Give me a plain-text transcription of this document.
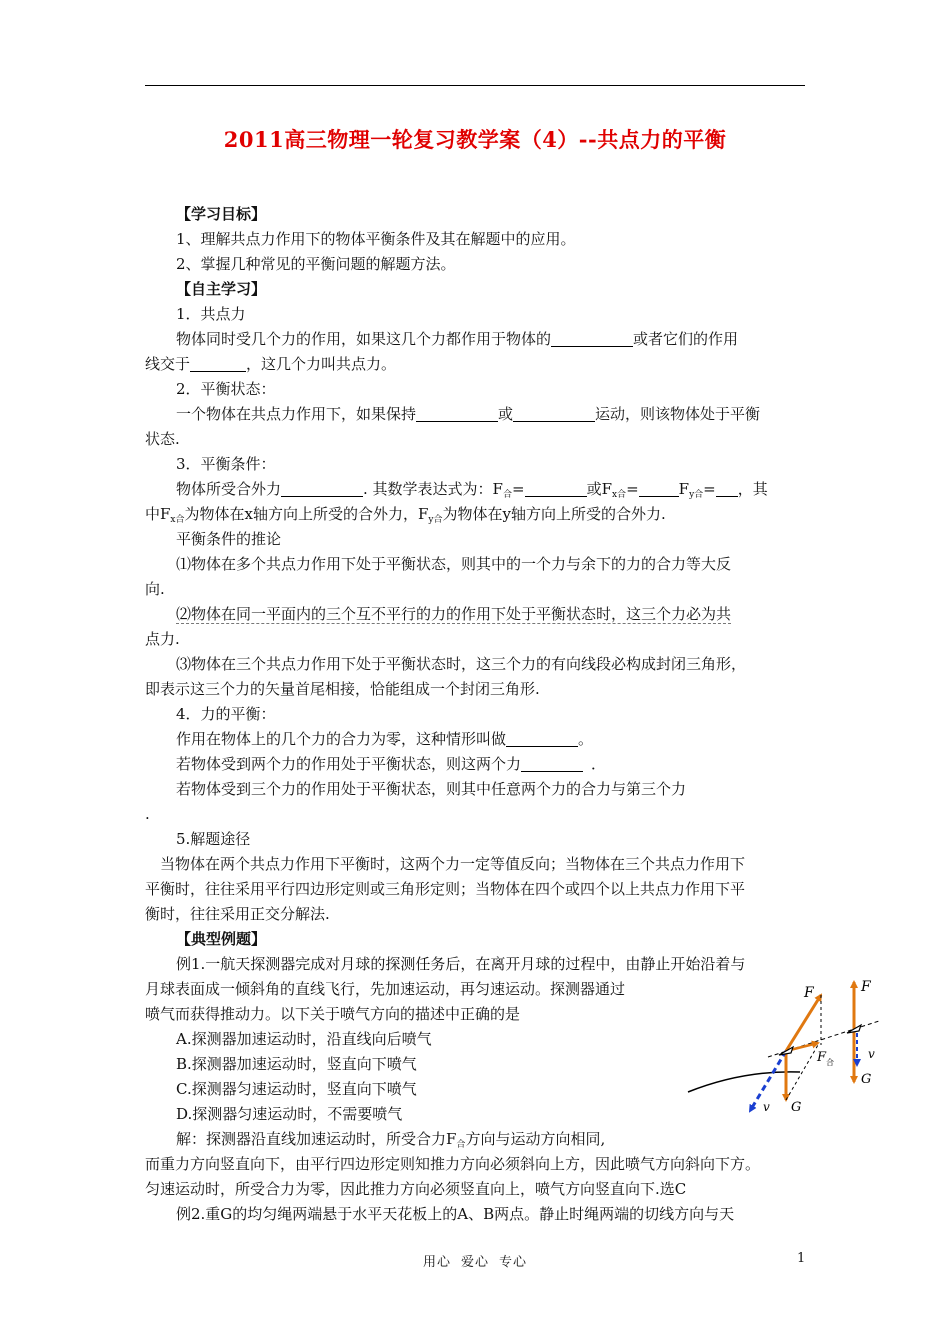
2011高三物理一轮复习教学案（4）--共点力的平衡
【学习目标】
1、理解共点力作用下的物体平衡条件及其在解题中的应用。
2、掌握几种常见的平衡问题的解题方法。
【自主学习】
1．共点力
物体同时受几个力的作用，如果这几个力都作用于物体的	或者它们的作用
线交于	，这几个力叫共点力。
2．平衡状态：
一个物体在共点力作用下，如果保持	或	运动，则该物体处于平衡
状态.
3．平衡条件：
物体所受合外力	. 其数学表达式为：$F_合=$	或$F_{x合}=$	$F_{y合}=$ ，其
中$F_{x合}$为物体在x轴方向上所受的合外力，$F_{y合}$为物体在y轴方向上所受的合外力.
平衡条件的推论
⑴物体在多个共点力作用下处于平衡状态，则其中的一个力与余下的力的合力等大反
向.
⑵物体在同一平面内的三个互不平行的力的作用下处于平衡状态时，这三个力必为共
点力.
⑶物体在三个共点力作用下处于平衡状态时，这三个力的有向线段必构成封闭三角形，
即表示这三个力的矢量首尾相接，恰能组成一个封闭三角形.
4．力的平衡：
作用在物体上的几个力的合力为零，这种情形叫做	。
若物体受到两个力的作用处于平衡状态，则这两个力	．
若物体受到三个力的作用处于平衡状态，则其中任意两个力的合力与第三个力
.
5.解题途径
当物体在两个共点力作用下平衡时，这两个力一定等值反向；当物体在三个共点力作用下
平衡时，往往采用平行四边形定则或三角形定则；当物体在四个或四个以上共点力作用下平
衡时，往往采用正交分解法.
【典型例题】
例1.一航天探测器完成对月球的探测任务后，在离开月球的过程中，由静止开始沿着与
月球表面成一倾斜角的直线飞行，先加速运动，再匀速运动。探测器通过
喷气而获得推动力。以下关于喷气方向的描述中正确的是
A.探测器加速运动时，沿直线向后喷气
B.探测器加速运动时，竖直向下喷气
C.探测器匀速运动时，竖直向下喷气
D.探测器匀速运动时，不需要喷气
解：探测器沿直线加速运动时，所受合力$F_合$方向与运动方向相同,
而重力方向竖直向下，由平行四边形定则知推力方向必须斜向上方，因此喷气方向斜向下方。
匀速运动时，所受合力为零，因此推力方向必须竖直向上，喷气方向竖直向下.选C
例2.重G的均匀绳两端悬于水平天花板上的A、B两点。静止时绳两端的切线方向与天
F	F
F 合
v
G
v G
用心 爱心 专心	1
